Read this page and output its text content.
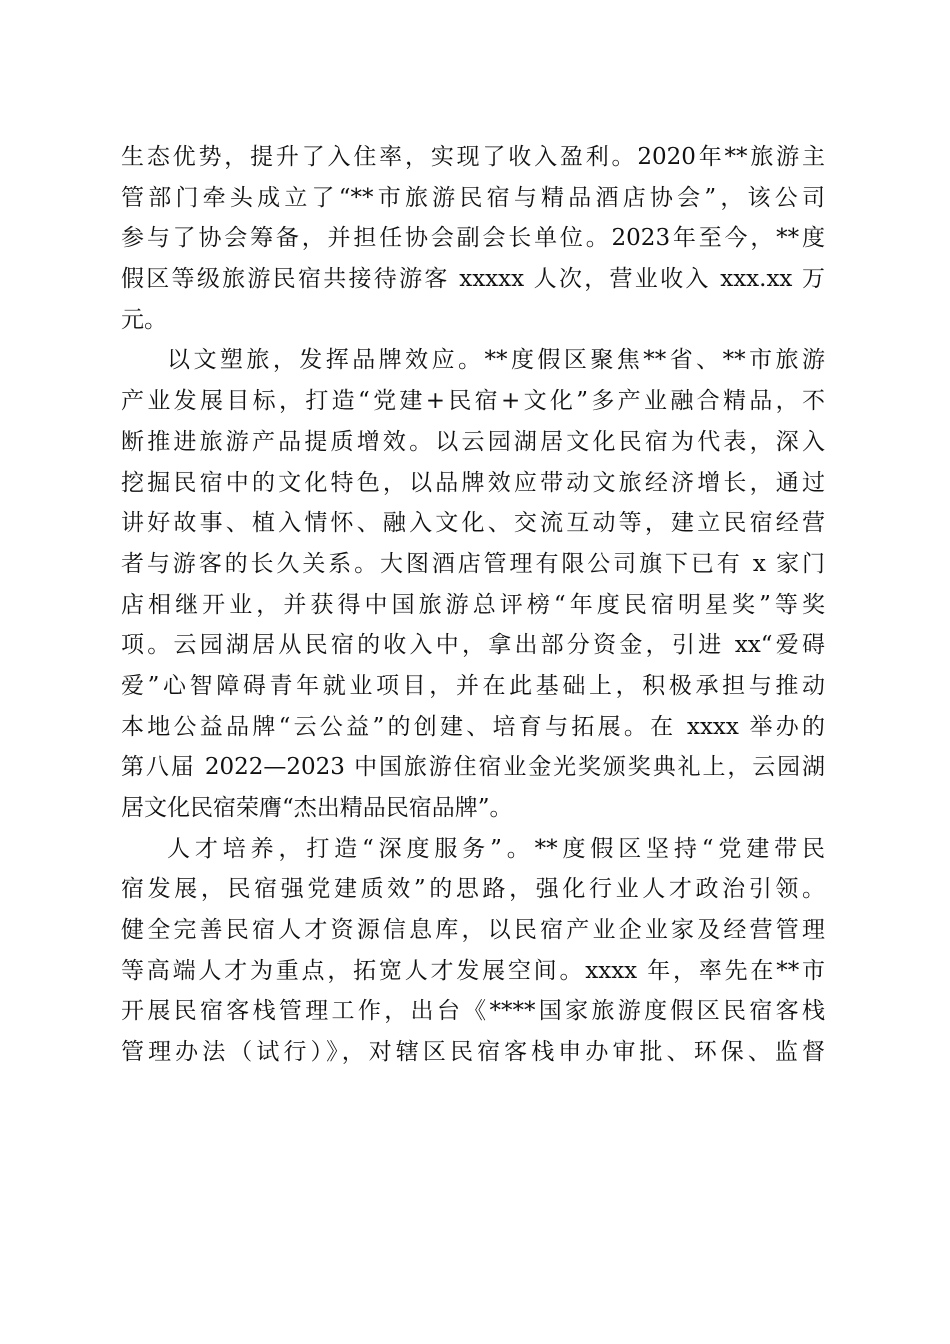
生态优势，提升了入住率，实现了收入盈利。2020年**旅游主
管部门牵头成立了“**市旅游民宿与精品酒店协会”，该公司
参与了协会筹备，并担任协会副会长单位。2023年至今，**度
假区等级旅游民宿共接待游客 xxxxx 人次，营业收入 xxx.xx 万
元。
以文塑旅，发挥品牌效应。**度假区聚焦**省、**市旅游
产业发展目标，打造“党建+民宿+文化”多产业融合精品，不
断推进旅游产品提质增效。以云园湖居文化民宿为代表，深入
挖掘民宿中的文化特色，以品牌效应带动文旅经济增长，通过
讲好故事、植入情怀、融入文化、交流互动等，建立民宿经营
者与游客的长久关系。大图酒店管理有限公司旗下已有 x 家门
店相继开业，并获得中国旅游总评榜“年度民宿明星奖”等奖
项。云园湖居从民宿的收入中，拿出部分资金，引进 xx“爱碍
爱”心智障碍青年就业项目，并在此基础上，积极承担与推动
本地公益品牌“云公益”的创建、培育与拓展。在 xxxx 举办的
第八届 2022—2023 中国旅游住宿业金光奖颁奖典礼上，云园湖
居文化民宿荣膺“杰出精品民宿品牌”。
人才培养，打造“深度服务”。**度假区坚持“党建带民
宿发展，民宿强党建质效”的思路，强化行业人才政治引领。
健全完善民宿人才资源信息库，以民宿产业企业家及经营管理
等高端人才为重点，拓宽人才发展空间。xxxx 年，率先在**市
开展民宿客栈管理工作，出台《****国家旅游度假区民宿客栈
管理办法（试行）》，对辖区民宿客栈申办审批、环保、监督
